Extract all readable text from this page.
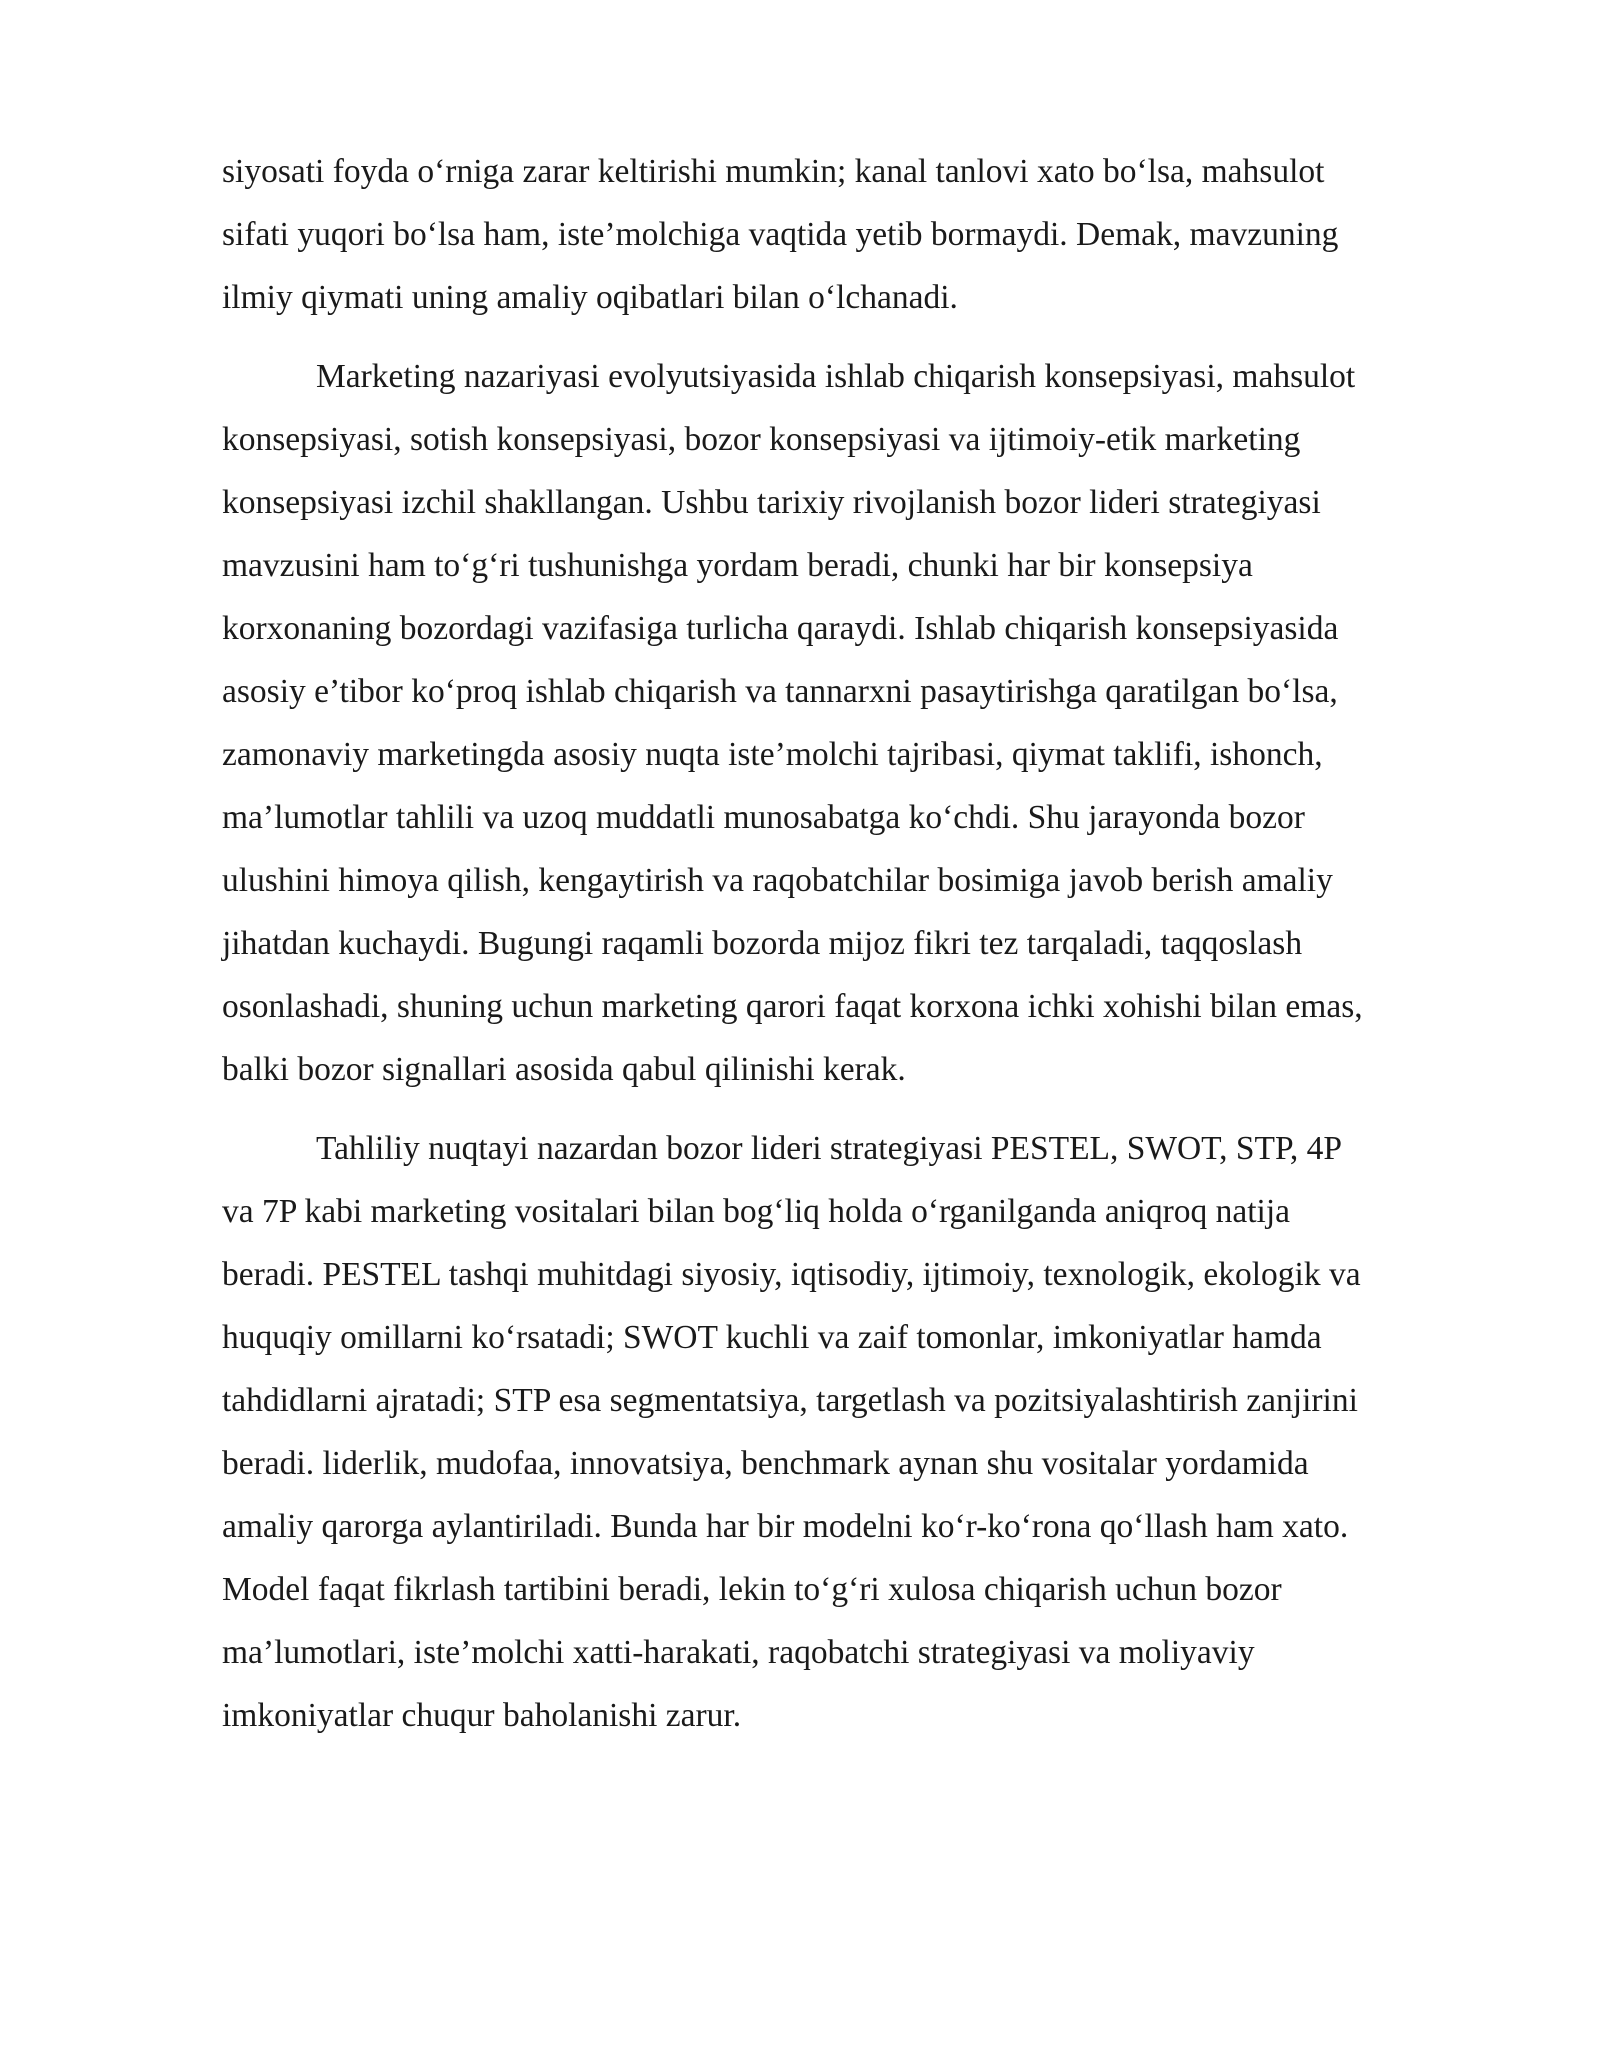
siyosati foyda o‘rniga zarar keltirishi mumkin; kanal tanlovi xato bo‘lsa, mahsulot
sifati yuqori bo‘lsa ham, iste’molchiga vaqtida yetib bormaydi. Demak, mavzuning
ilmiy qiymati uning amaliy oqibatlari bilan o‘lchanadi.

Marketing nazariyasi evolyutsiyasida ishlab chiqarish konsepsiyasi, mahsulot
konsepsiyasi, sotish konsepsiyasi, bozor konsepsiyasi va ijtimoiy-etik marketing
konsepsiyasi izchil shakllangan. Ushbu tarixiy rivojlanish bozor lideri strategiyasi
mavzusini ham to‘g‘ri tushunishga yordam beradi, chunki har bir konsepsiya
korxonaning bozordagi vazifasiga turlicha qaraydi. Ishlab chiqarish konsepsiyasida
asosiy e’tibor ko‘proq ishlab chiqarish va tannarxni pasaytirishga qaratilgan bo‘lsa,
zamonaviy marketingda asosiy nuqta iste’molchi tajribasi, qiymat taklifi, ishonch,
ma’lumotlar tahlili va uzoq muddatli munosabatga ko‘chdi. Shu jarayonda bozor
ulushini himoya qilish, kengaytirish va raqobatchilar bosimiga javob berish amaliy
jihatdan kuchaydi. Bugungi raqamli bozorda mijoz fikri tez tarqaladi, taqqoslash
osonlashadi, shuning uchun marketing qarori faqat korxona ichki xohishi bilan emas,
balki bozor signallari asosida qabul qilinishi kerak.

Tahliliy nuqtayi nazardan bozor lideri strategiyasi PESTEL, SWOT, STP, 4P
va 7P kabi marketing vositalari bilan bog‘liq holda o‘rganilganda aniqroq natija
beradi. PESTEL tashqi muhitdagi siyosiy, iqtisodiy, ijtimoiy, texnologik, ekologik va
huquqiy omillarni ko‘rsatadi; SWOT kuchli va zaif tomonlar, imkoniyatlar hamda
tahdidlarni ajratadi; STP esa segmentatsiya, targetlash va pozitsiyalashtirish zanjirini
beradi. liderlik, mudofaa, innovatsiya, benchmark aynan shu vositalar yordamida
amaliy qarorga aylantiriladi. Bunda har bir modelni ko‘r-ko‘rona qo‘llash ham xato.
Model faqat fikrlash tartibini beradi, lekin to‘g‘ri xulosa chiqarish uchun bozor
ma’lumotlari, iste’molchi xatti-harakati, raqobatchi strategiyasi va moliyaviy
imkoniyatlar chuqur baholanishi zarur.
